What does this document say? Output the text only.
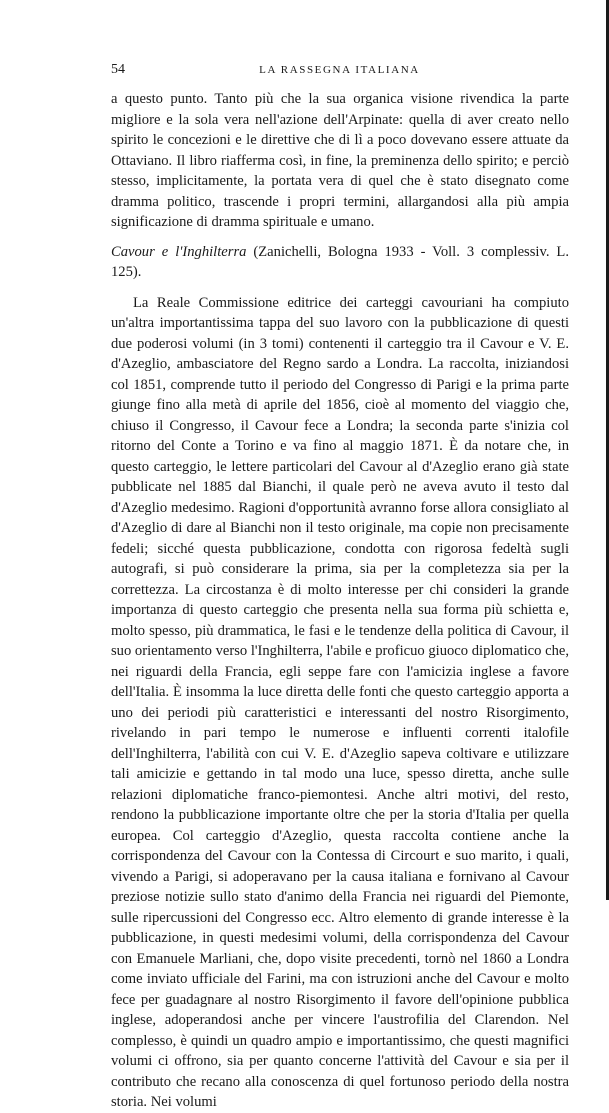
54	LA RASSEGNA ITALIANA

a questo punto. Tanto più che la sua organica visione rivendica la parte migliore e la sola vera nell'azione dell'Arpinate: quella di aver creato nello spirito le concezioni e le direttive che di lì a poco dovevano essere attuate da Ottaviano. Il libro riafferma così, in fine, la preminenza dello spirito; e perciò stesso, implicitamente, la portata vera di quel che è stato disegnato come dramma politico, trascende i propri termini, allargandosi alla più ampia significazione di dramma spirituale e umano.

Cavour e l'Inghilterra (Zanichelli, Bologna 1933 - Voll. 3 complessiv. L. 125).

La Reale Commissione editrice dei carteggi cavouriani ha compiuto un'altra importantissima tappa del suo lavoro con la pubblicazione di questi due poderosi volumi (in 3 tomi) contenenti il carteggio tra il Cavour e V. E. d'Azeglio, ambasciatore del Regno sardo a Londra. La raccolta, iniziandosi col 1851, comprende tutto il periodo del Congresso di Parigi e la prima parte giunge fino alla metà di aprile del 1856, cioè al momento del viaggio che, chiuso il Congresso, il Cavour fece a Londra; la seconda parte s'inizia col ritorno del Conte a Torino e va fino al maggio 1871. È da notare che, in questo carteggio, le lettere particolari del Cavour al d'Azeglio erano già state pubblicate nel 1885 dal Bianchi, il quale però ne aveva avuto il testo dal d'Azeglio medesimo. Ragioni d'opportunità avranno forse allora consigliato al d'Azeglio di dare al Bianchi non il testo originale, ma copie non precisamente fedeli; sicché questa pubblicazione, condotta con rigorosa fedeltà sugli autografi, si può considerare la prima, sia per la completezza sia per la correttezza. La circostanza è di molto interesse per chi consideri la grande importanza di questo carteggio che presenta nella sua forma più schietta e, molto spesso, più drammatica, le fasi e le tendenze della politica di Cavour, il suo orientamento verso l'Inghilterra, l'abile e proficuo giuoco diplomatico che, nei riguardi della Francia, egli seppe fare con l'amicizia inglese a favore dell'Italia. È insomma la luce diretta delle fonti che questo carteggio apporta a uno dei periodi più caratteristici e interessanti del nostro Risorgimento, rivelando in pari tempo le numerose e influenti correnti italofile dell'Inghilterra, l'abilità con cui V. E. d'Azeglio sapeva coltivare e utilizzare tali amicizie e gettando in tal modo una luce, spesso diretta, anche sulle relazioni diplomatiche franco-piemontesi. Anche altri motivi, del resto, rendono la pubblicazione importante oltre che per la storia d'Italia per quella europea. Col carteggio d'Azeglio, questa raccolta contiene anche la corrispondenza del Cavour con la Contessa di Circourt e suo marito, i quali, vivendo a Parigi, si adoperavano per la causa italiana e fornivano al Cavour preziose notizie sullo stato d'animo della Francia nei riguardi del Piemonte, sulle ripercussioni del Congresso ecc. Altro elemento di grande interesse è la pubblicazione, in questi medesimi volumi, della corrispondenza del Cavour con Emanuele Marliani, che, dopo visite precedenti, tornò nel 1860 a Londra come inviato ufficiale del Farini, ma con istruzioni anche del Cavour e molto fece per guadagnare al nostro Risorgimento il favore dell'opinione pubblica inglese, adoperandosi anche per vincere l'austrofilia del Clarendon. Nel complesso, è quindi un quadro ampio e importantissimo, che questi magnifici volumi ci offrono, sia per quanto concerne l'attività del Cavour e sia per il contributo che recano alla conoscenza di quel fortunoso periodo della nostra storia. Nei volumi
